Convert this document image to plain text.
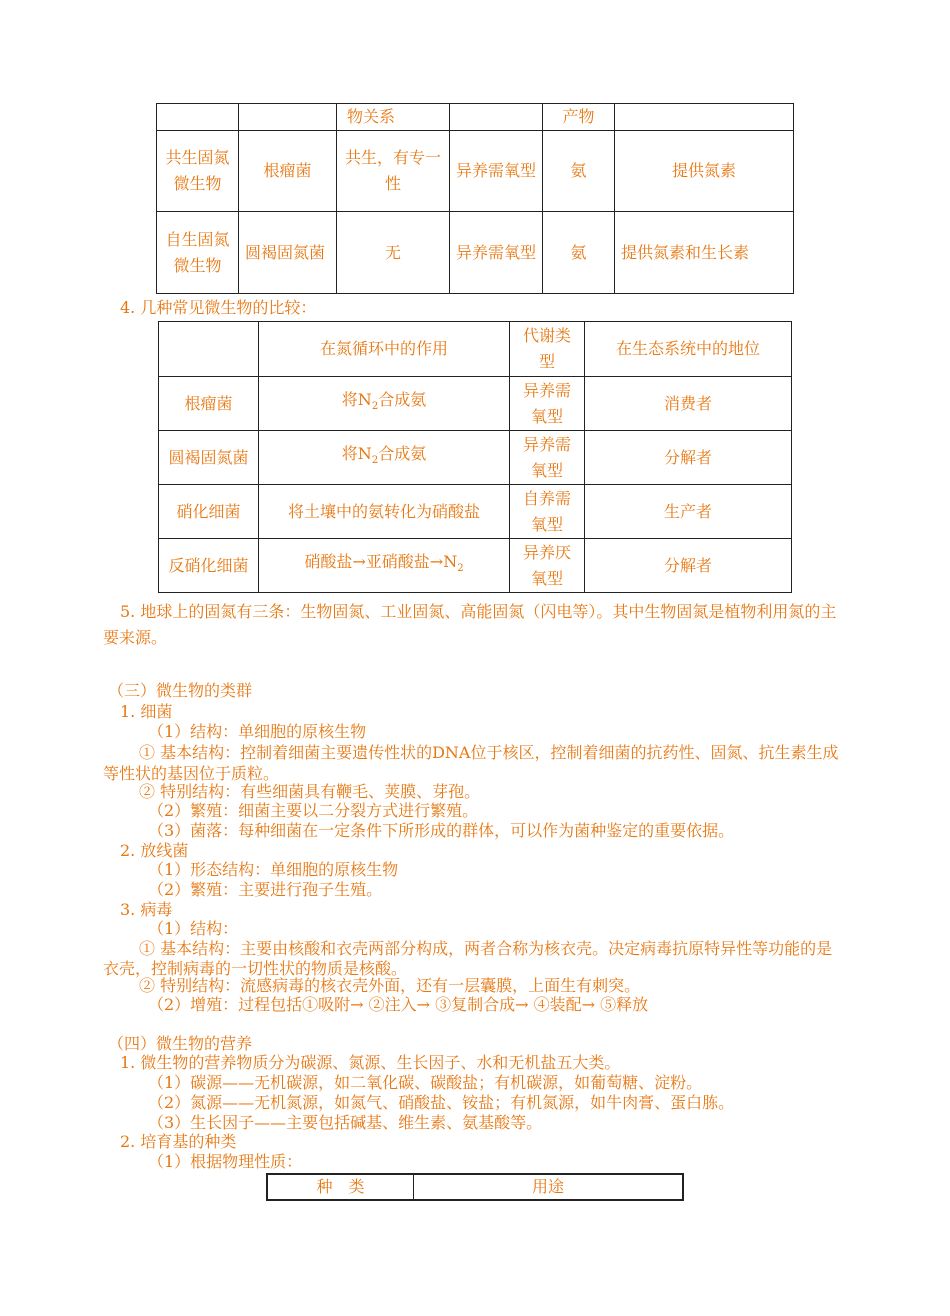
		物关系		产物	
共生固氮微生物	根瘤菌	共生，有专一性	异养需氧型	氨	提供氮素
自生固氮微生物	圆褐固氮菌	无	异养需氧型	氨	提供氮素和生长素
4. 几种常见微生物的比较：
	在氮循环中的作用	代谢类型	在生态系统中的地位
根瘤菌	将$N_2$合成氨	异养需氧型	消费者
圆褐固氮菌	将$N_2$合成氨	异养需氧型	分解者
硝化细菌	将土壤中的氨转化为硝酸盐	自养需氧型	生产者
反硝化细菌	硝酸盐→亚硝酸盐$\to N_2$	异养厌氧型	分解者
5. 地球上的固氮有三条：生物固氮、工业固氮、高能固氮（闪电等）。其中生物固氮是植物利用氮的主要来源。
（三）微生物的类群
1. 细菌
（1）结构：单细胞的原核生物
① 基本结构：控制着细菌主要遗传性状的DNA位于核区，控制着细菌的抗药性、固氮、抗生素生成等性状的基因位于质粒。
② 特别结构：有些细菌具有鞭毛、荚膜、芽孢。
（2）繁殖：细菌主要以二分裂方式进行繁殖。
（3）菌落：每种细菌在一定条件下所形成的群体，可以作为菌种鉴定的重要依据。
2. 放线菌
（1）形态结构：单细胞的原核生物
（2）繁殖：主要进行孢子生殖。
3. 病毒
（1）结构：
① 基本结构：主要由核酸和衣壳两部分构成，两者合称为核衣壳。决定病毒抗原特异性等功能的是衣壳，控制病毒的一切性状的物质是核酸。
② 特别结构：流感病毒的核衣壳外面，还有一层囊膜，上面生有刺突。
（2）增殖：过程包括①吸附→ ②注入→ ③复制合成→ ④装配→ ⑤释放
（四）微生物的营养
1. 微生物的营养物质分为碳源、氮源、生长因子、水和无机盐五大类。
（1）碳源——无机碳源，如二氧化碳、碳酸盐；有机碳源，如葡萄糖、淀粉。
（2）氮源——无机氮源，如氮气、硝酸盐、铵盐；有机氮源，如牛肉膏、蛋白胨。
（3）生长因子——主要包括碱基、维生素、氨基酸等。
2. 培育基的种类
（1）根据物理性质：
种　类	用途
